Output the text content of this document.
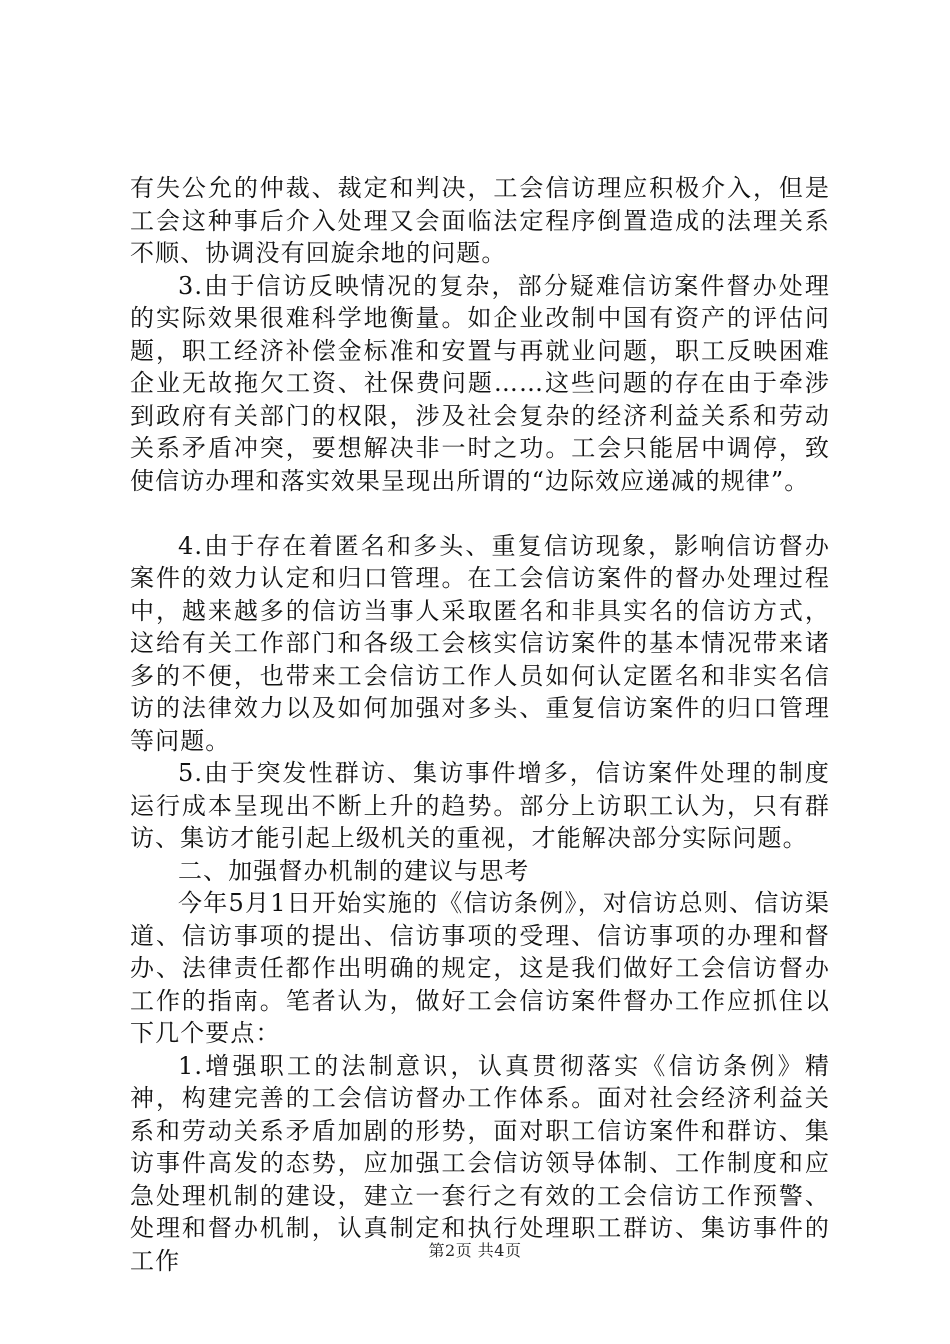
有失公允的仲裁、裁定和判决，工会信访理应积极介入，但是工会这种事后介入处理又会面临法定程序倒置造成的法理关系不顺、协调没有回旋余地的问题。

3.由于信访反映情况的复杂，部分疑难信访案件督办处理的实际效果很难科学地衡量。如企业改制中国有资产的评估问题，职工经济补偿金标准和安置与再就业问题，职工反映困难企业无故拖欠工资、社保费问题……这些问题的存在由于牵涉到政府有关部门的权限，涉及社会复杂的经济利益关系和劳动关系矛盾冲突，要想解决非一时之功。工会只能居中调停，致使信访办理和落实效果呈现出所谓的“边际效应递减的规律”。

4.由于存在着匿名和多头、重复信访现象，影响信访督办案件的效力认定和归口管理。在工会信访案件的督办处理过程中，越来越多的信访当事人采取匿名和非具实名的信访方式，这给有关工作部门和各级工会核实信访案件的基本情况带来诸多的不便，也带来工会信访工作人员如何认定匿名和非实名信访的法律效力以及如何加强对多头、重复信访案件的归口管理等问题。

5.由于突发性群访、集访事件增多，信访案件处理的制度运行成本呈现出不断上升的趋势。部分上访职工认为，只有群访、集访才能引起上级机关的重视，才能解决部分实际问题。

二、加强督办机制的建议与思考

今年5月1日开始实施的《信访条例》，对信访总则、信访渠道、信访事项的提出、信访事项的受理、信访事项的办理和督办、法律责任都作出明确的规定，这是我们做好工会信访督办工作的指南。笔者认为，做好工会信访案件督办工作应抓住以下几个要点：

1.增强职工的法制意识，认真贯彻落实《信访条例》精神，构建完善的工会信访督办工作体系。面对社会经济利益关系和劳动关系矛盾加剧的形势，面对职工信访案件和群访、集访事件高发的态势，应加强工会信访领导体制、工作制度和应急处理机制的建设，建立一套行之有效的工会信访工作预警、处理和督办机制，认真制定和执行处理职工群访、集访事件的工作	第2页 共4页
